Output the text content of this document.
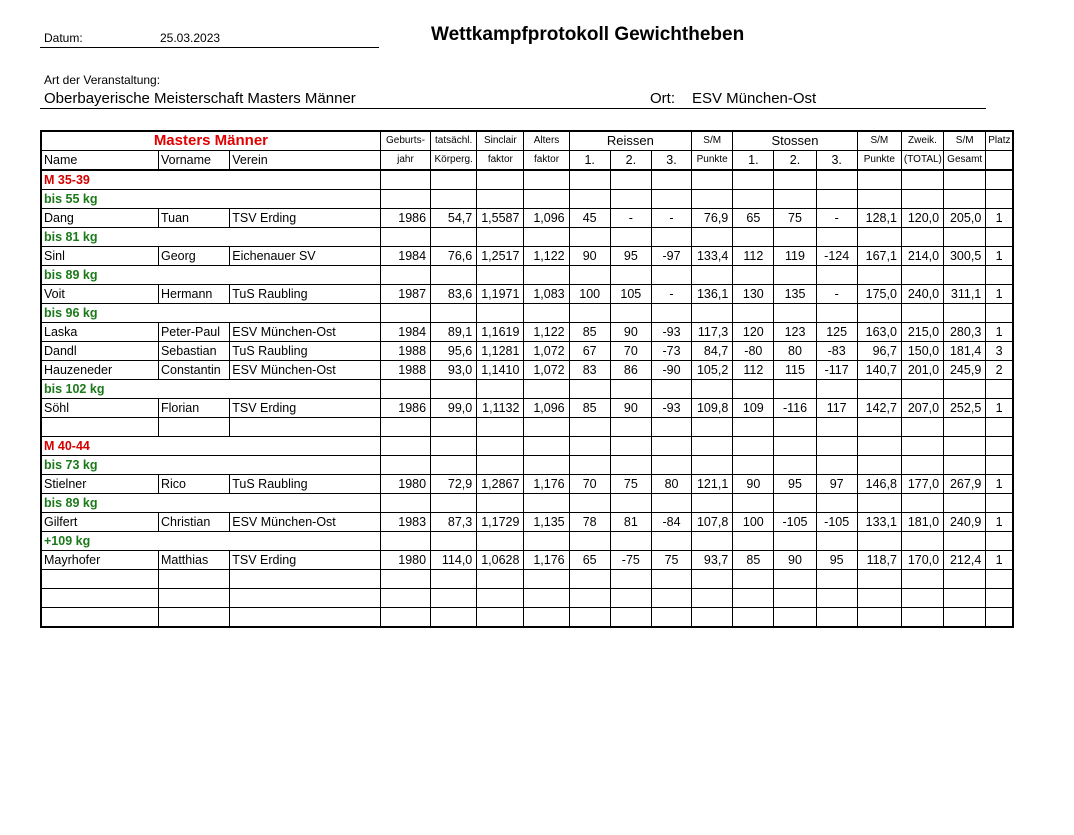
Datum:	25.03.2023	Wettkampfprotokoll Gewichtheben
Art der Veranstaltung:
Oberbayerische Meisterschaft Masters Männer	Ort: ESV München-Ost
Masters Männer			Geburts-	tatsächl.	Sinclair	Alters	Reissen			S/M	Stossen			S/M	Zweik.	S/M	Platz
Name	Vorname	Verein	jahr	Körperg.	faktor	faktor	1.	2.	3.	Punkte	1.	2.	3.	Punkte	(TOTAL)	Gesamt	
M 35-39																	
bis 55 kg																	
Dang	Tuan	TSV Erding	1986	54,7	1,5587	1,096	45	-	-	76,9	65	75	-	128,1	120,0	205,0	1
bis 81 kg																	
Sinl	Georg	Eichenauer SV	1984	76,6	1,2517	1,122	90	95	-97	133,4	112	119	-124	167,1	214,0	300,5	1
bis 89 kg																	
Voit	Hermann	TuS Raubling	1987	83,6	1,1971	1,083	100	105	-	136,1	130	135	-	175,0	240,0	311,1	1
bis 96 kg																	
Laska	Peter-Paul	ESV München-Ost	1984	89,1	1,1619	1,122	85	90	-93	117,3	120	123	125	163,0	215,0	280,3	1
Dandl	Sebastian	TuS Raubling	1988	95,6	1,1281	1,072	67	70	-73	84,7	-80	80	-83	96,7	150,0	181,4	3
Hauzeneder	Constantin	ESV München-Ost	1988	93,0	1,1410	1,072	83	86	-90	105,2	112	115	-117	140,7	201,0	245,9	2
bis 102 kg																	
Söhl	Florian	TSV Erding	1986	99,0	1,1132	1,096	85	90	-93	109,8	109	-116	117	142,7	207,0	252,5	1

M 40-44																	
bis 73 kg																	
Stielner	Rico	TuS Raubling	1980	72,9	1,2867	1,176	70	75	80	121,1	90	95	97	146,8	177,0	267,9	1
bis 89 kg																	
Gilfert	Christian	ESV München-Ost	1983	87,3	1,1729	1,135	78	81	-84	107,8	100	-105	-105	133,1	181,0	240,9	1
+109 kg																	
Mayrhofer	Matthias	TSV Erding	1980	114,0	1,0628	1,176	65	-75	75	93,7	85	90	95	118,7	170,0	212,4	1
